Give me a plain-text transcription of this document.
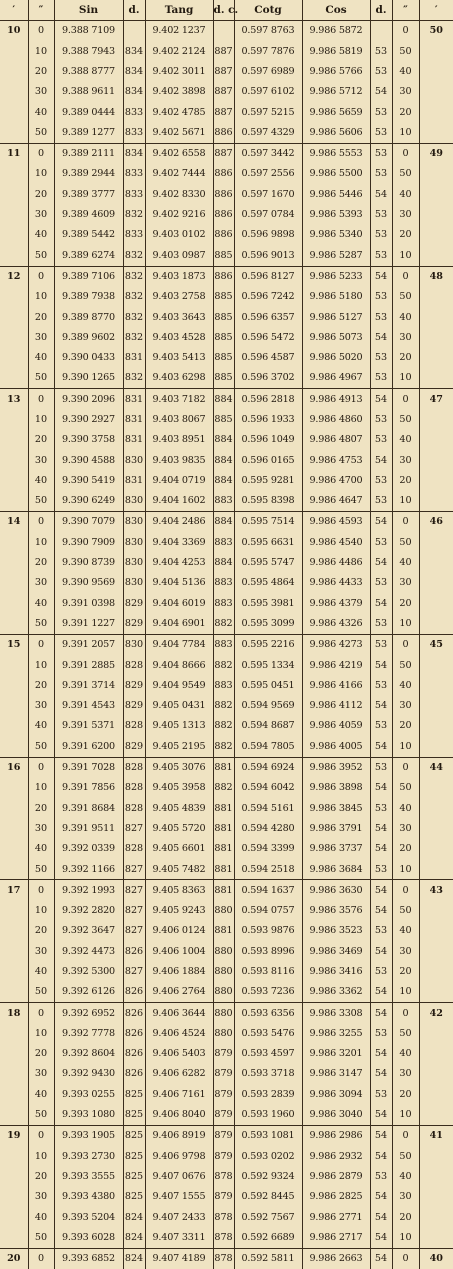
′	″	Sin	d.	Tang	d. c.	Cotg	Cos	d.	″	′
10	0	9.388 7109		9.402 1237		0.597 8763	9.986 5872		0	50
	10	9.388 7943	834	9.402 2124	887	0.597 7876	9.986 5819	53	50	
	20	9.388 8777	834	9.402 3011	887	0.597 6989	9.986 5766	53	40	
	30	9.388 9611	834	9.402 3898	887	0.597 6102	9.986 5712	54	30	
	40	9.389 0444	833	9.402 4785	887	0.597 5215	9.986 5659	53	20	
	50	9.389 1277	833	9.402 5671	886	0.597 4329	9.986 5606	53	10	
11	0	9.389 2111	834	9.402 6558	887	0.597 3442	9.986 5553	53	0	49
	10	9.389 2944	833	9.402 7444	886	0.597 2556	9.986 5500	53	50	
	20	9.389 3777	833	9.402 8330	886	0.597 1670	9.986 5446	54	40	
	30	9.389 4609	832	9.402 9216	886	0.597 0784	9.986 5393	53	30	
	40	9.389 5442	833	9.403 0102	886	0.596 9898	9.986 5340	53	20	
	50	9.389 6274	832	9.403 0987	885	0.596 9013	9.986 5287	53	10	
12	0	9.389 7106	832	9.403 1873	886	0.596 8127	9.986 5233	54	0	48
	10	9.389 7938	832	9.403 2758	885	0.596 7242	9.986 5180	53	50	
	20	9.389 8770	832	9.403 3643	885	0.596 6357	9.986 5127	53	40	
	30	9.389 9602	832	9.403 4528	885	0.596 5472	9.986 5073	54	30	
	40	9.390 0433	831	9.403 5413	885	0.596 4587	9.986 5020	53	20	
	50	9.390 1265	832	9.403 6298	885	0.596 3702	9.986 4967	53	10	
13	0	9.390 2096	831	9.403 7182	884	0.596 2818	9.986 4913	54	0	47
	10	9.390 2927	831	9.403 8067	885	0.596 1933	9.986 4860	53	50	
	20	9.390 3758	831	9.403 8951	884	0.596 1049	9.986 4807	53	40	
	30	9.390 4588	830	9.403 9835	884	0.596 0165	9.986 4753	54	30	
	40	9.390 5419	831	9.404 0719	884	0.595 9281	9.986 4700	53	20	
	50	9.390 6249	830	9.404 1602	883	0.595 8398	9.986 4647	53	10	
14	0	9.390 7079	830	9.404 2486	884	0.595 7514	9.986 4593	54	0	46
	10	9.390 7909	830	9.404 3369	883	0.595 6631	9.986 4540	53	50	
	20	9.390 8739	830	9.404 4253	884	0.595 5747	9.986 4486	54	40	
	30	9.390 9569	830	9.404 5136	883	0.595 4864	9.986 4433	53	30	
	40	9.391 0398	829	9.404 6019	883	0.595 3981	9.986 4379	54	20	
	50	9.391 1227	829	9.404 6901	882	0.595 3099	9.986 4326	53	10	
15	0	9.391 2057	830	9.404 7784	883	0.595 2216	9.986 4273	53	0	45
	10	9.391 2885	828	9.404 8666	882	0.595 1334	9.986 4219	54	50	
	20	9.391 3714	829	9.404 9549	883	0.595 0451	9.986 4166	53	40	
	30	9.391 4543	829	9.405 0431	882	0.594 9569	9.986 4112	54	30	
	40	9.391 5371	828	9.405 1313	882	0.594 8687	9.986 4059	53	20	
	50	9.391 6200	829	9.405 2195	882	0.594 7805	9.986 4005	54	10	
16	0	9.391 7028	828	9.405 3076	881	0.594 6924	9.986 3952	53	0	44
	10	9.391 7856	828	9.405 3958	882	0.594 6042	9.986 3898	54	50	
	20	9.391 8684	828	9.405 4839	881	0.594 5161	9.986 3845	53	40	
	30	9.391 9511	827	9.405 5720	881	0.594 4280	9.986 3791	54	30	
	40	9.392 0339	828	9.405 6601	881	0.594 3399	9.986 3737	54	20	
	50	9.392 1166	827	9.405 7482	881	0.594 2518	9.986 3684	53	10	
17	0	9.392 1993	827	9.405 8363	881	0.594 1637	9.986 3630	54	0	43
	10	9.392 2820	827	9.405 9243	880	0.594 0757	9.986 3576	54	50	
	20	9.392 3647	827	9.406 0124	881	0.593 9876	9.986 3523	53	40	
	30	9.392 4473	826	9.406 1004	880	0.593 8996	9.986 3469	54	30	
	40	9.392 5300	827	9.406 1884	880	0.593 8116	9.986 3416	53	20	
	50	9.392 6126	826	9.406 2764	880	0.593 7236	9.986 3362	54	10	
18	0	9.392 6952	826	9.406 3644	880	0.593 6356	9.986 3308	54	0	42
	10	9.392 7778	826	9.406 4524	880	0.593 5476	9.986 3255	53	50	
	20	9.392 8604	826	9.406 5403	879	0.593 4597	9.986 3201	54	40	
	30	9.392 9430	826	9.406 6282	879	0.593 3718	9.986 3147	54	30	
	40	9.393 0255	825	9.406 7161	879	0.593 2839	9.986 3094	53	20	
	50	9.393 1080	825	9.406 8040	879	0.593 1960	9.986 3040	54	10	
19	0	9.393 1905	825	9.406 8919	879	0.593 1081	9.986 2986	54	0	41
	10	9.393 2730	825	9.406 9798	879	0.593 0202	9.986 2932	54	50	
	20	9.393 3555	825	9.407 0676	878	0.592 9324	9.986 2879	53	40	
	30	9.393 4380	825	9.407 1555	879	0.592 8445	9.986 2825	54	30	
	40	9.393 5204	824	9.407 2433	878	0.592 7567	9.986 2771	54	20	
	50	9.393 6028	824	9.407 3311	878	0.592 6689	9.986 2717	54	10	
20	0	9.393 6852	824	9.407 4189	878	0.592 5811	9.986 2663	54	0	40
